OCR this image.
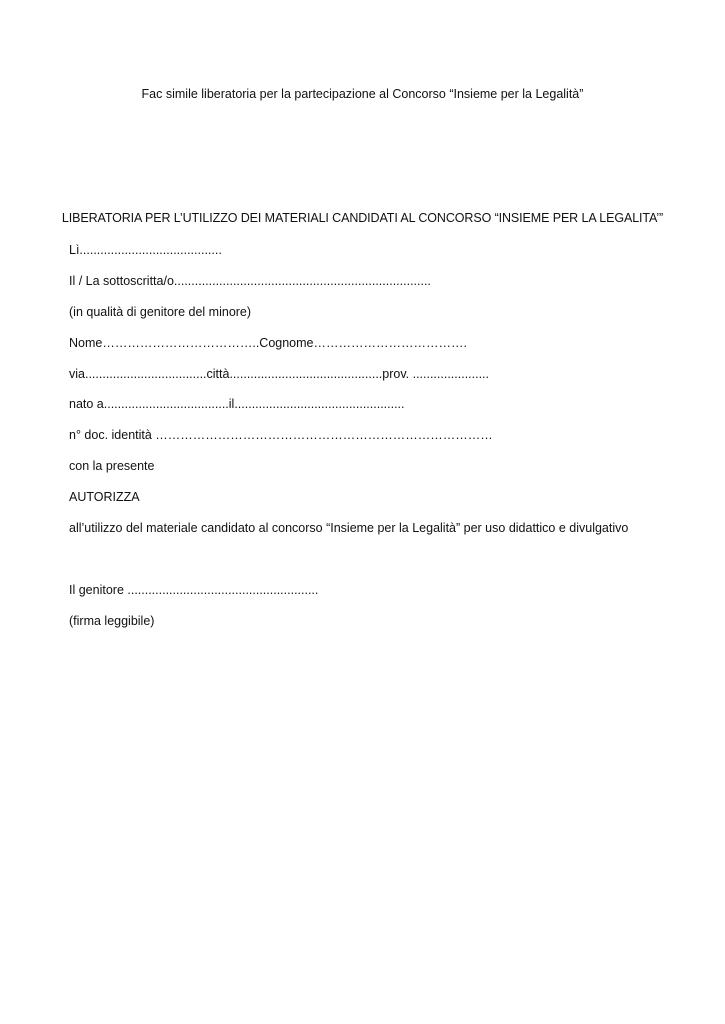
Fac simile liberatoria per la partecipazione al Concorso “Insieme per la Legalità”
LIBERATORIA PER L’UTILIZZO DEI MATERIALI CANDIDATI AL CONCORSO “INSIEME PER LA LEGALITA’”
Lì.........................................
Il / La sottoscritta/o..........................................................................
(in qualità di genitore del minore)
Nome………………………………..Cognome……………………………….
via...................................città............................................prov. ......................
nato a....................................il.................................................
n° doc. identità ………………………………………………………………………
con la presente
AUTORIZZA
all’utilizzo del materiale candidato al concorso “Insieme per la Legalità” per uso didattico e divulgativo
Il genitore .......................................................
(firma leggibile)
